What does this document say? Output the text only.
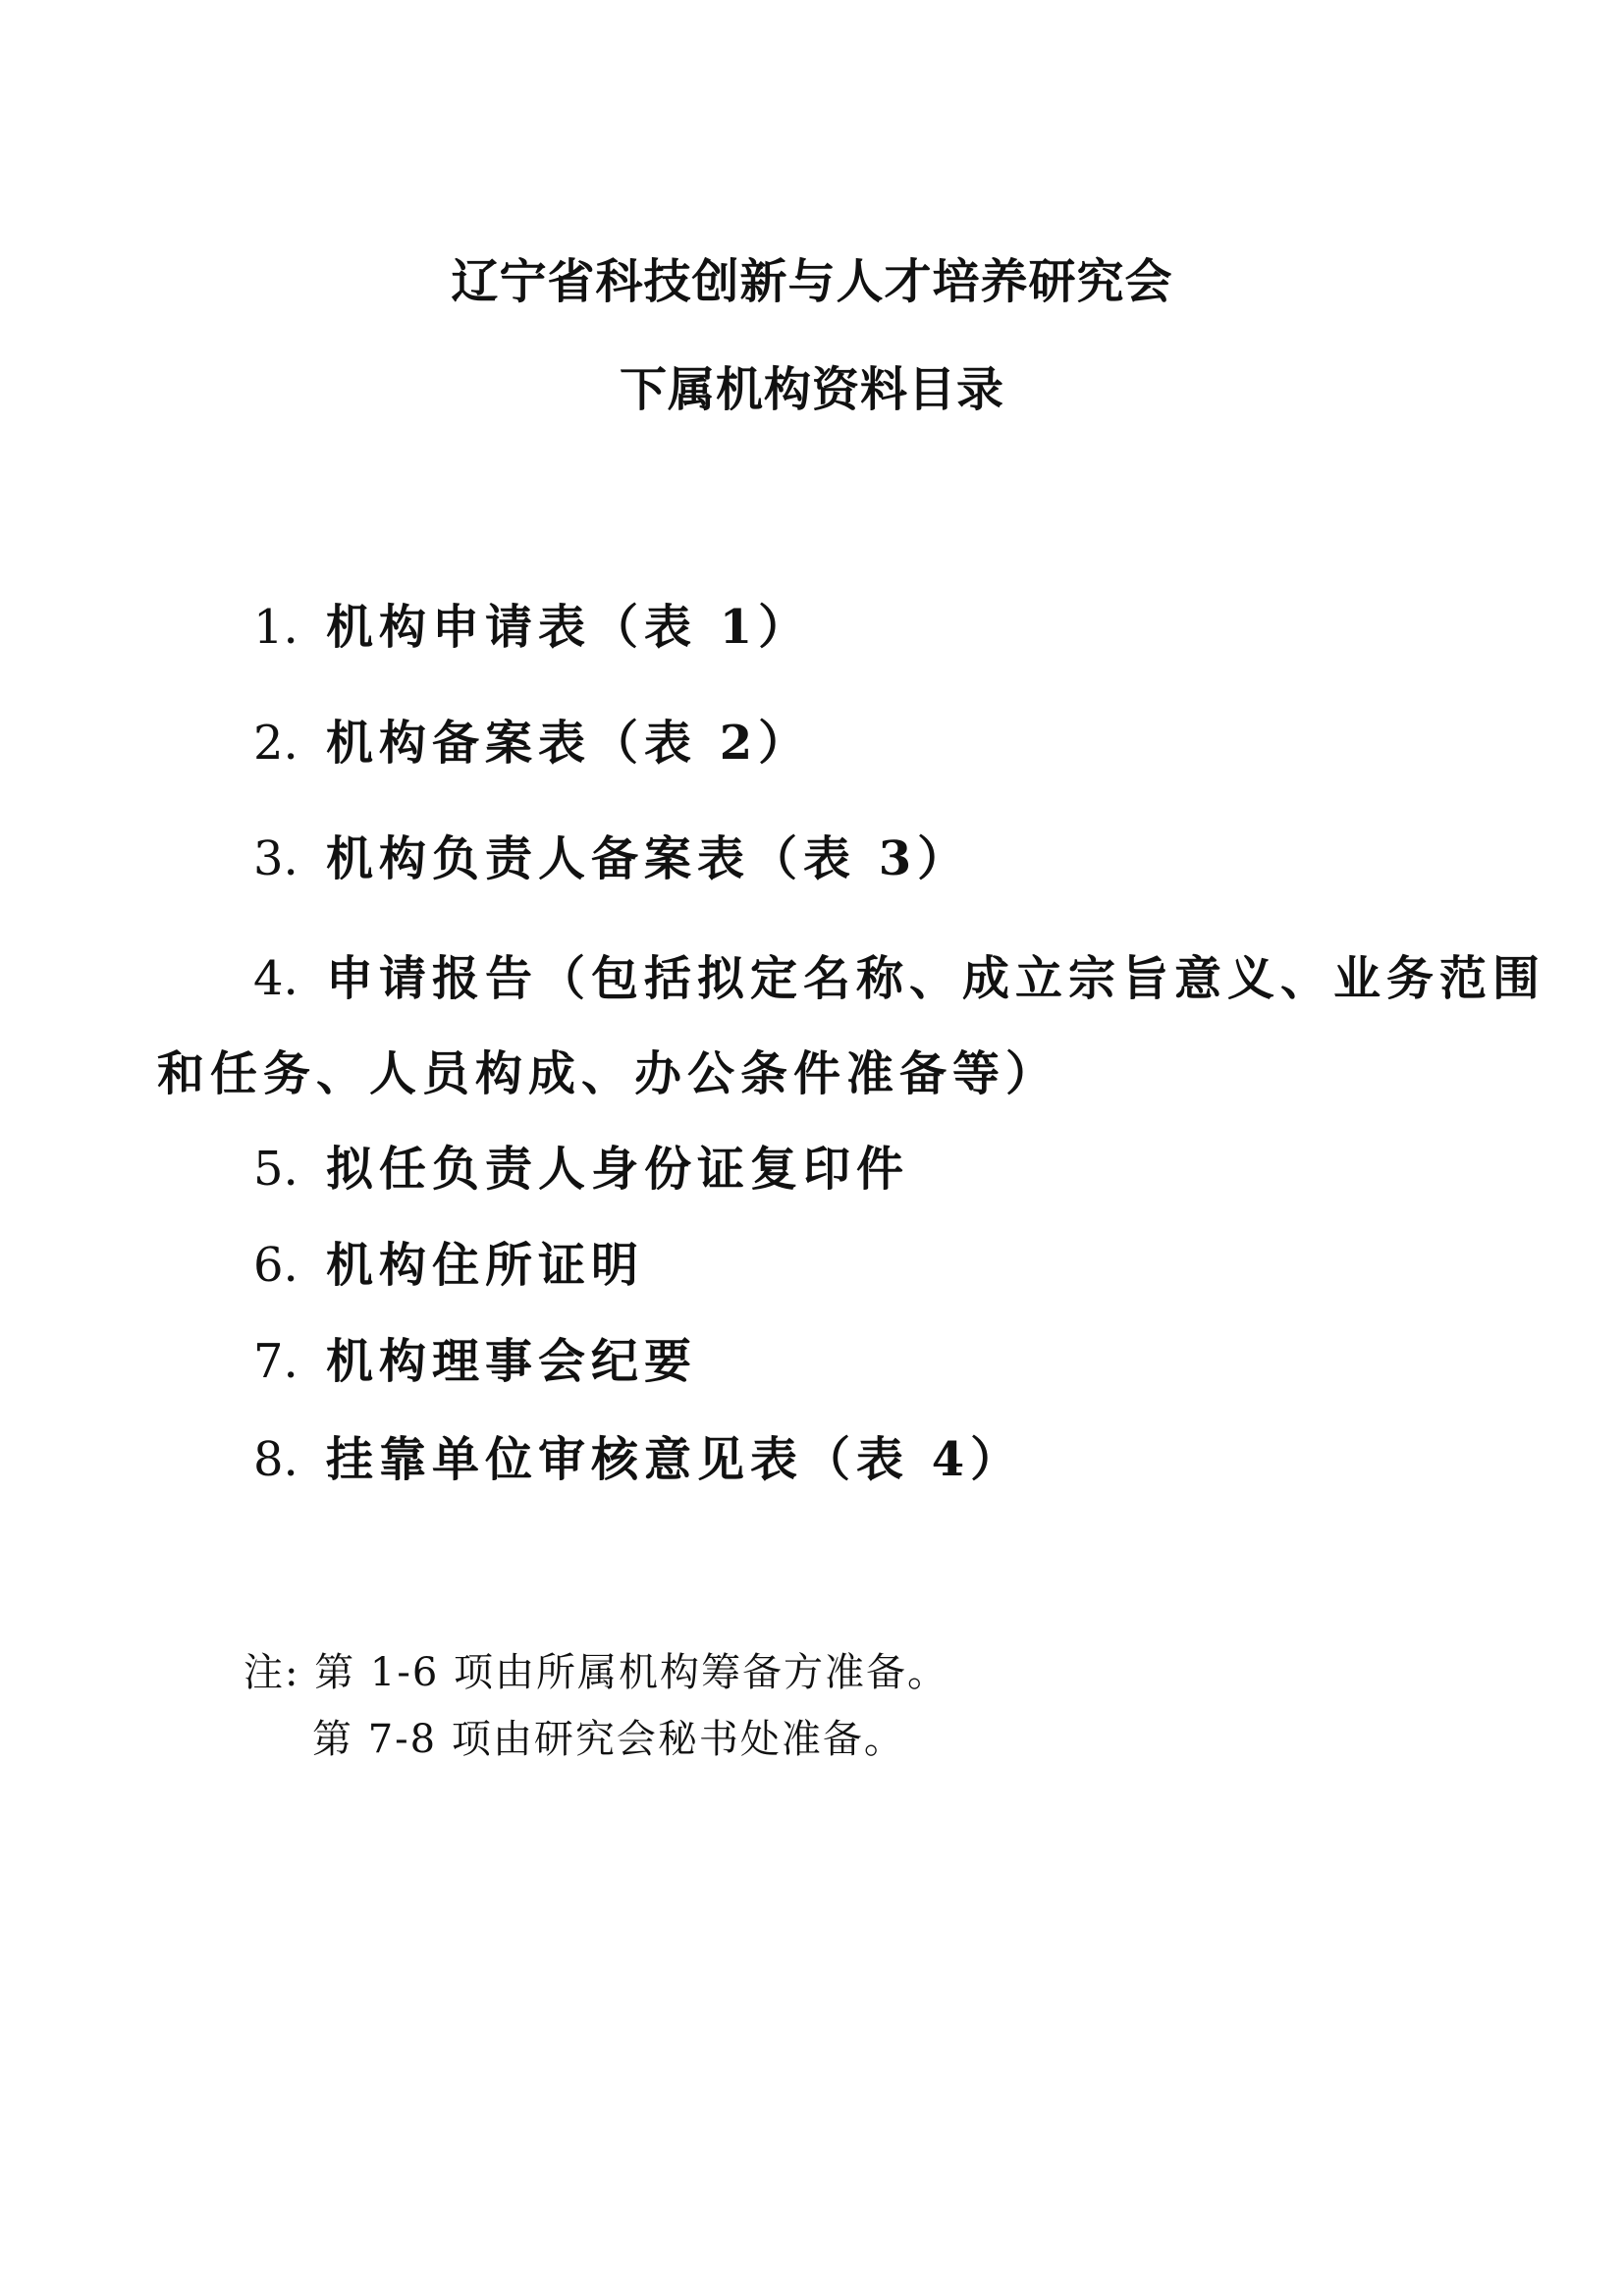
辽宁省科技创新与人才培养研究会
下属机构资料目录
1. 机构申请表（表 1）
2. 机构备案表（表 2）
3. 机构负责人备案表（表 3）
4. 申请报告（包括拟定名称、成立宗旨意义、业务范围
和任务、人员构成、办公条件准备等）
5. 拟任负责人身份证复印件
6. 机构住所证明
7. 机构理事会纪要
8. 挂靠单位审核意见表（表 4）
注: 第 1-6 项由所属机构筹备方准备。
第 7-8 项由研究会秘书处准备。
